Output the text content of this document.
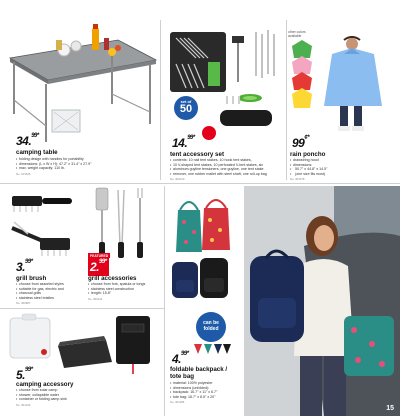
34.$^{99*}$
camping table
• folding design with handles for portability
• dimensions: (L x W x H): 47.2" x 31.4" x 27.9"
• max. weight capacity: 110 lb.
No. 101525
set of
50
14.$^{99*}$
tent accessory set
• contents: 10 nail tent stakes, 10 hook tent stakes,
• 10 V-shaped tent stakes, 10 perforated V-tent stakes, six
• aluminum guyline tensioners, one guyline, one tent stake
• remover, one rubber mallet with steel shaft, one roll-up bag
No. 300120
other colors available
99¢*
rain poncho
• drawstring hood
• dimensions:
• 50.7" x 44.8" x 14.5"
• (one size fits most)
No. 301578
3.$^{99*}$
grill brush
• choose from assorted styles
• suitable for gas, electric and
• charcoal grills
• stainless steel bristles
No. 300987
FEATURED
2.$^{99*}$
grill accessories
• choose from fork, spatula or tongs
• stainless steel construction
• length: 15.8"
No. 300141
5.$^{99*}$
camping accessory
• choose from solar camp
• shower, collapsible water
• container or folding camp sink
No. 301140
can be
folded
4.$^{99*}$
foldable backpack /
tote bag
• material: 100% polyester
• dimensions (unfolded):
• backpack: 16.7" x 11" x 6.7"
• tote bag: 16.7" x 8.5" x 20"
No. 301185
15
